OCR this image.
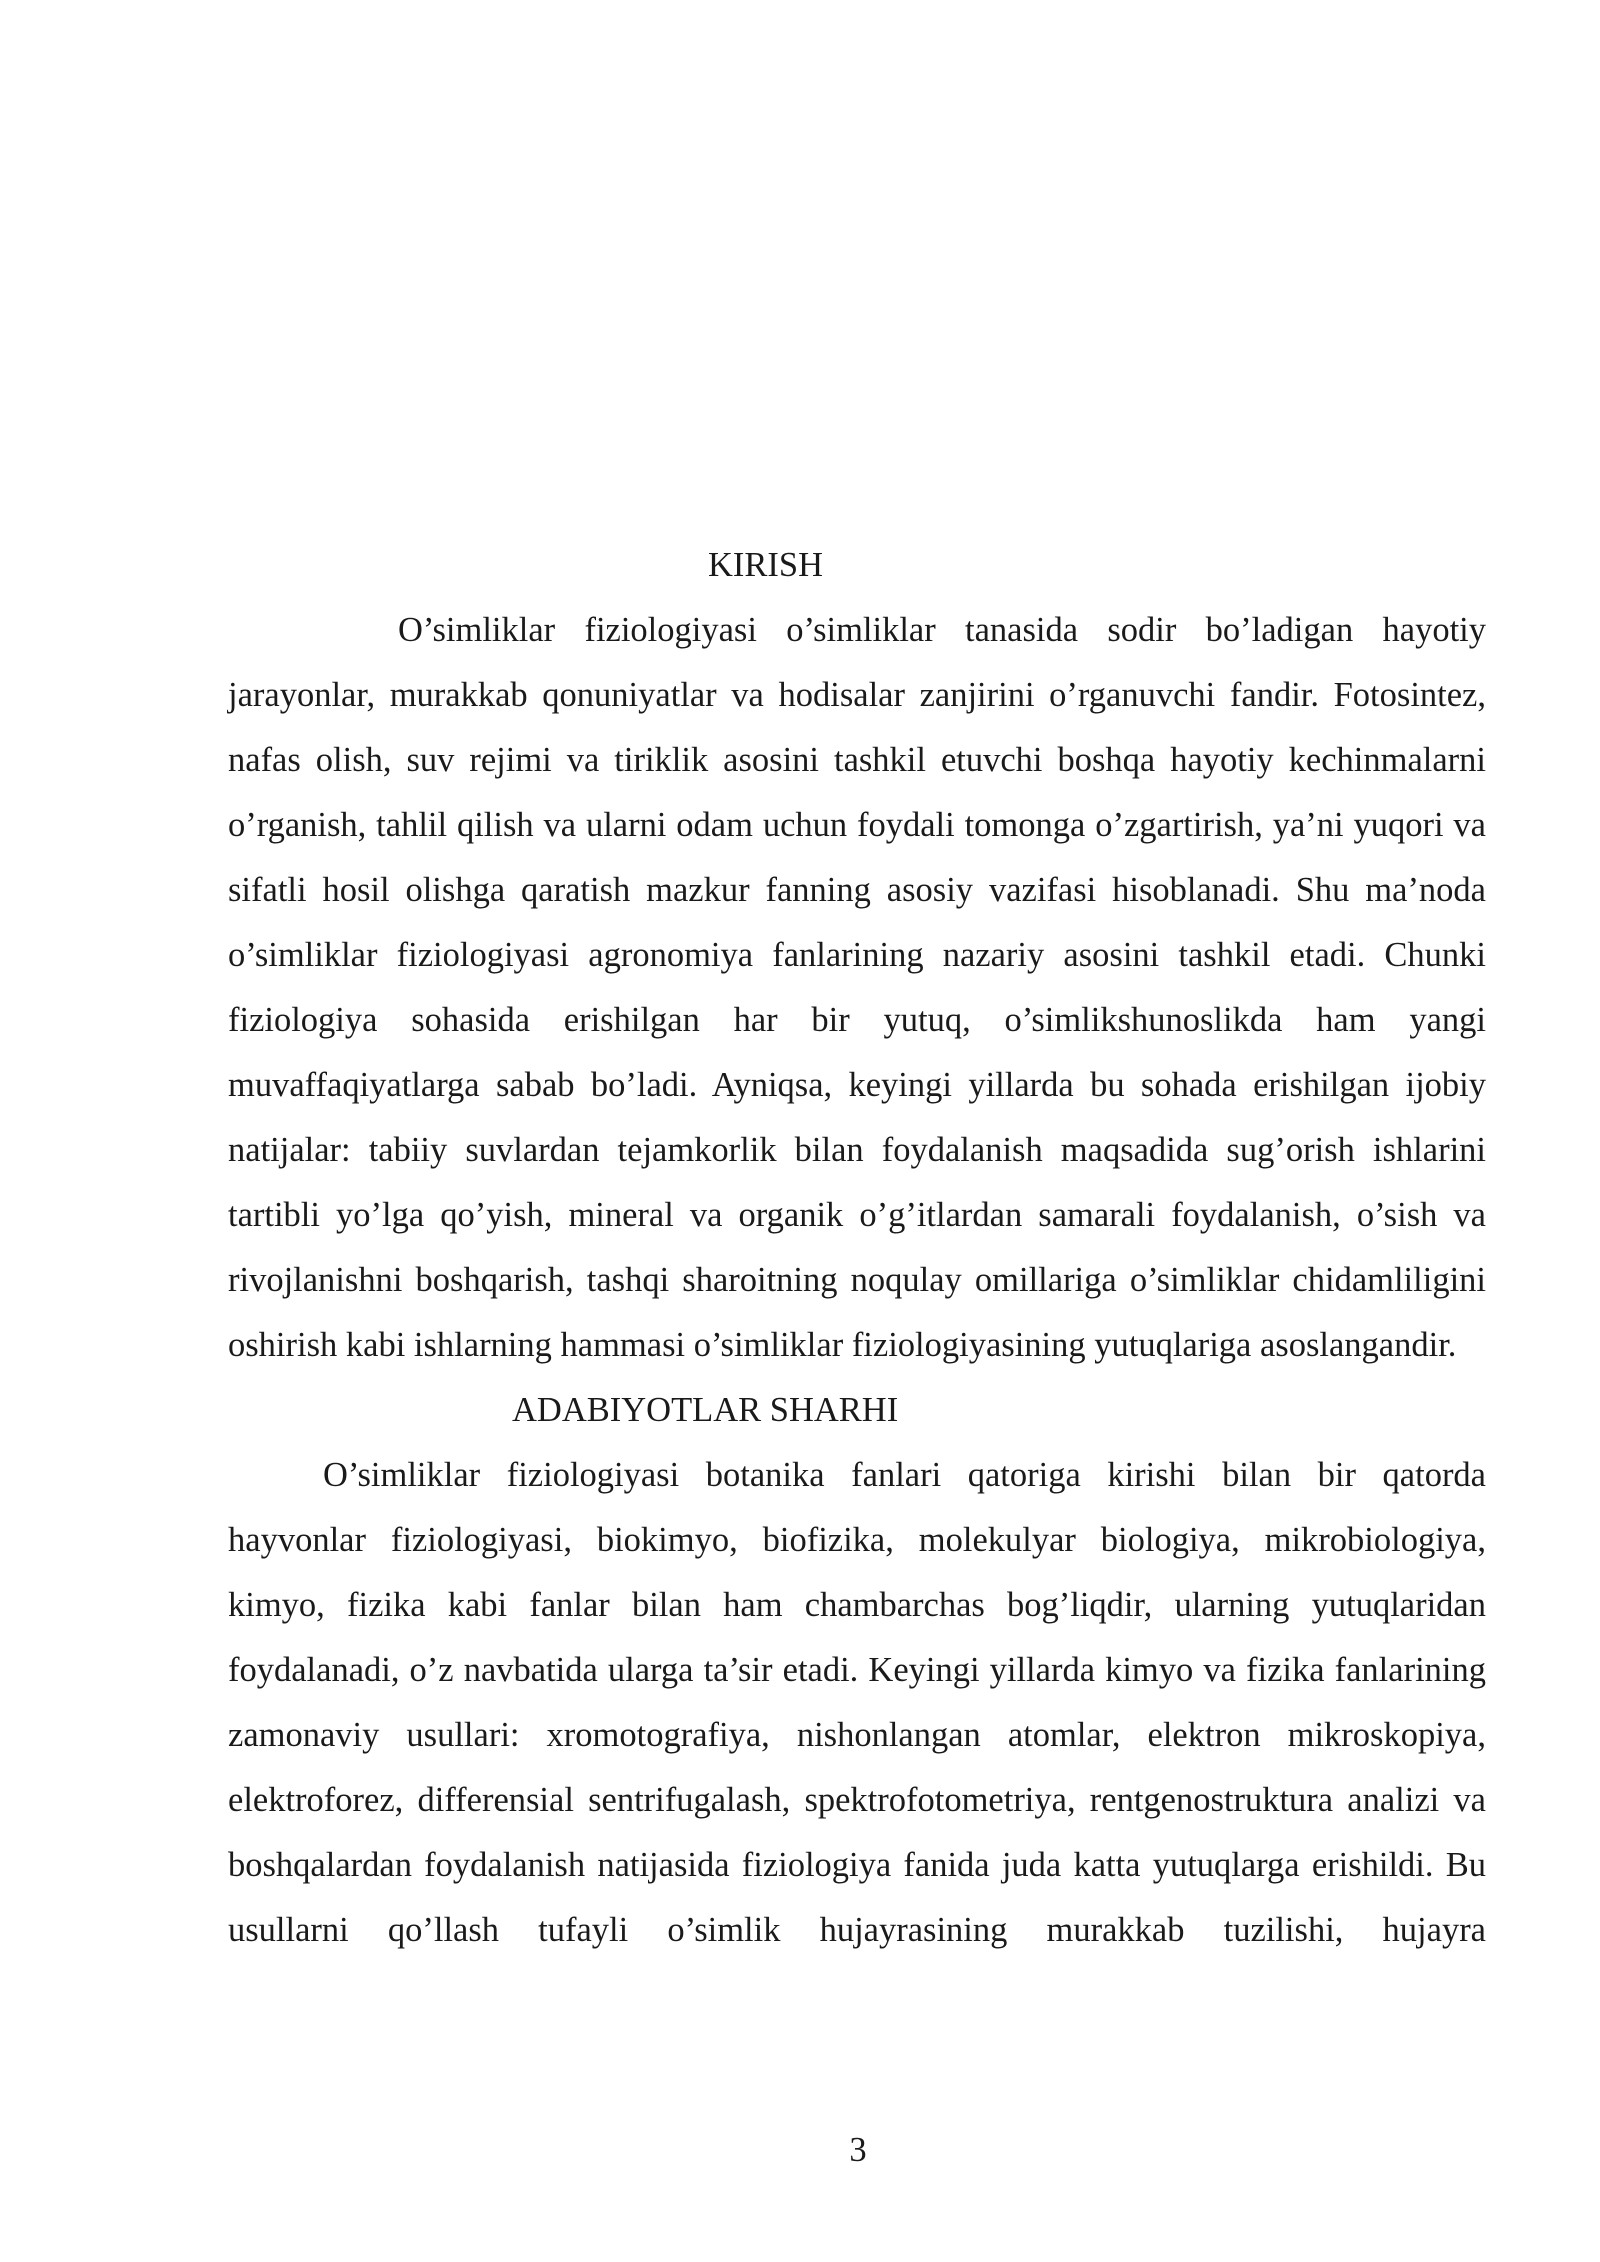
KIRISH

O’simliklar fiziologiyasi o’simliklar tanasida sodir bo’ladigan hayotiy jarayonlar, murakkab qonuniyatlar va hodisalar zanjirini o’rganuvchi fandir. Fotosintez, nafas olish, suv rejimi va tiriklik asosini tashkil etuvchi boshqa hayotiy kechinmalarni o’rganish, tahlil qilish va ularni odam uchun foydali tomonga o’zgartirish, ya’ni yuqori va sifatli hosil olishga qaratish mazkur fanning asosiy vazifasi hisoblanadi. Shu ma’noda o’simliklar fiziologiyasi agronomiya fanlarining nazariy asosini tashkil etadi. Chunki fiziologiya sohasida erishilgan har bir yutuq, o’simlikshunoslikda ham yangi muvaffaqiyatlarga sabab bo’ladi. Ayniqsa, keyingi yillarda bu sohada erishilgan ijobiy natijalar: tabiiy suvlardan tejamkorlik bilan foydalanish maqsadida sug’orish ishlarini tartibli yo’lga qo’yish, mineral va organik o’g’itlardan samarali foydalanish, o’sish va rivojlanishni boshqarish, tashqi sharoitning noqulay omillariga o’simliklar chidamliligini oshirish kabi ishlarning hammasi o’simliklar fiziologiyasining yutuqlariga asoslangandir.

ADABIYOTLAR SHARHI

O’simliklar fiziologiyasi botanika fanlari qatoriga kirishi bilan bir qatorda hayvonlar fiziologiyasi, biokimyo, biofizika, molekulyar biologiya, mikrobiologiya, kimyo, fizika kabi fanlar bilan ham chambarchas bog’liqdir, ularning yutuqlaridan foydalanadi, o’z navbatida ularga ta’sir etadi. Keyingi yillarda kimyo va fizika fanlarining zamonaviy usullari: xromotografiya, nishonlangan atomlar, elektron mikroskopiya, elektroforez, differensial sentrifugalash, spektrofotometriya, rentgenostruktura analizi va boshqalardan foydalanish natijasida fiziologiya fanida juda katta yutuqlarga erishildi. Bu usullarni qo’llash tufayli o’simlik hujayrasining murakkab tuzilishi, hujayra

3
